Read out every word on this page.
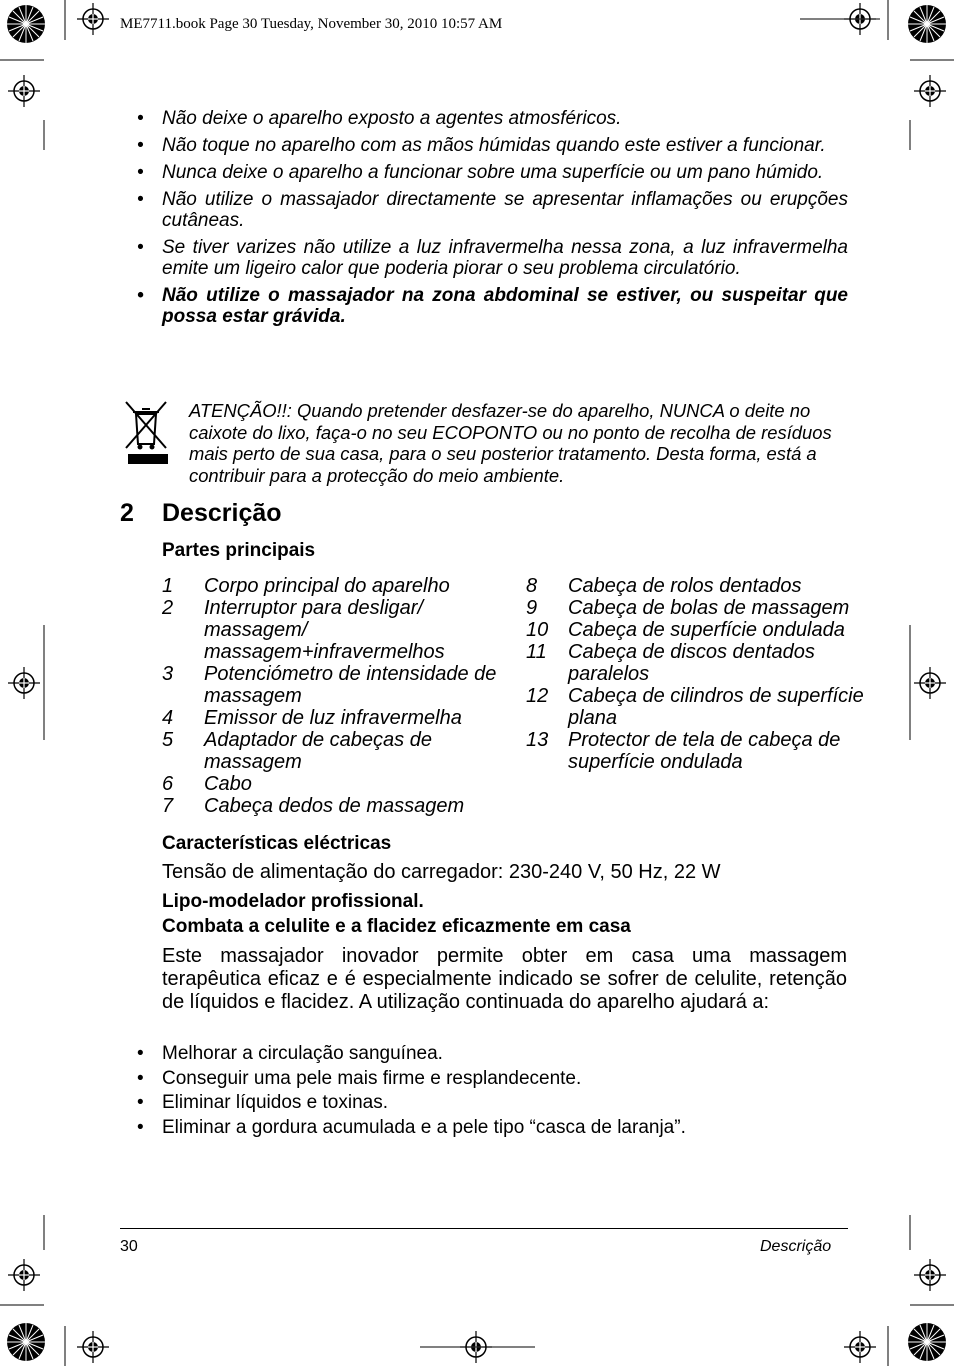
ME7711.book Page 30 Tuesday, November 30, 2010 10:57 AM
• Não deixe o aparelho exposto a agentes atmosféricos.
• Não toque no aparelho com as mãos húmidas quando este estiver a funcionar.
• Nunca deixe o aparelho a funcionar sobre uma superfície ou um pano húmido.
• Não utilize o massajador directamente se apresentar inflamações ou erupções cutâneas.
• Se tiver varizes não utilize a luz infravermelha nessa zona, a luz infravermelha emite um ligeiro calor que poderia piorar o seu problema circulatório.
• Não utilize o massajador na zona abdominal se estiver, ou suspeitar que possa estar grávida.
ATENÇÃO!!: Quando pretender desfazer-se do aparelho, NUNCA o deite no caixote do lixo, faça-o no seu ECOPONTO ou no ponto de recolha de resíduos mais perto de sua casa, para o seu posterior tratamento. Desta forma, está a contribuir para a protecção do meio ambiente.
2 Descrição
Partes principais
1 Corpo principal do aparelho
2 Interruptor para desligar/ massagem/ massagem+infravermelhos
3 Potenciómetro de intensidade de massagem
4 Emissor de luz infravermelha
5 Adaptador de cabeças de massagem
6 Cabo
7 Cabeça dedos de massagem
8 Cabeça de rolos dentados
9 Cabeça de bolas de massagem
10 Cabeça de superfície ondulada
11 Cabeça de discos dentados paralelos
12 Cabeça de cilindros de superfície plana
13 Protector de tela de cabeça de superfície ondulada
Características eléctricas
Tensão de alimentação do carregador: 230-240 V, 50 Hz, 22 W
Lipo-modelador profissional.
Combata a celulite e a flacidez eficazmente em casa
Este massajador inovador permite obter em casa uma massagem terapêutica eficaz e é especialmente indicado se sofrer de celulite, retenção de líquidos e flacidez. A utilização continuada do aparelho ajudará a:
• Melhorar a circulação sanguínea.
• Conseguir uma pele mais firme e resplandecente.
• Eliminar líquidos e toxinas.
• Eliminar a gordura acumulada e a pele tipo “casca de laranja”.
30	Descrição
